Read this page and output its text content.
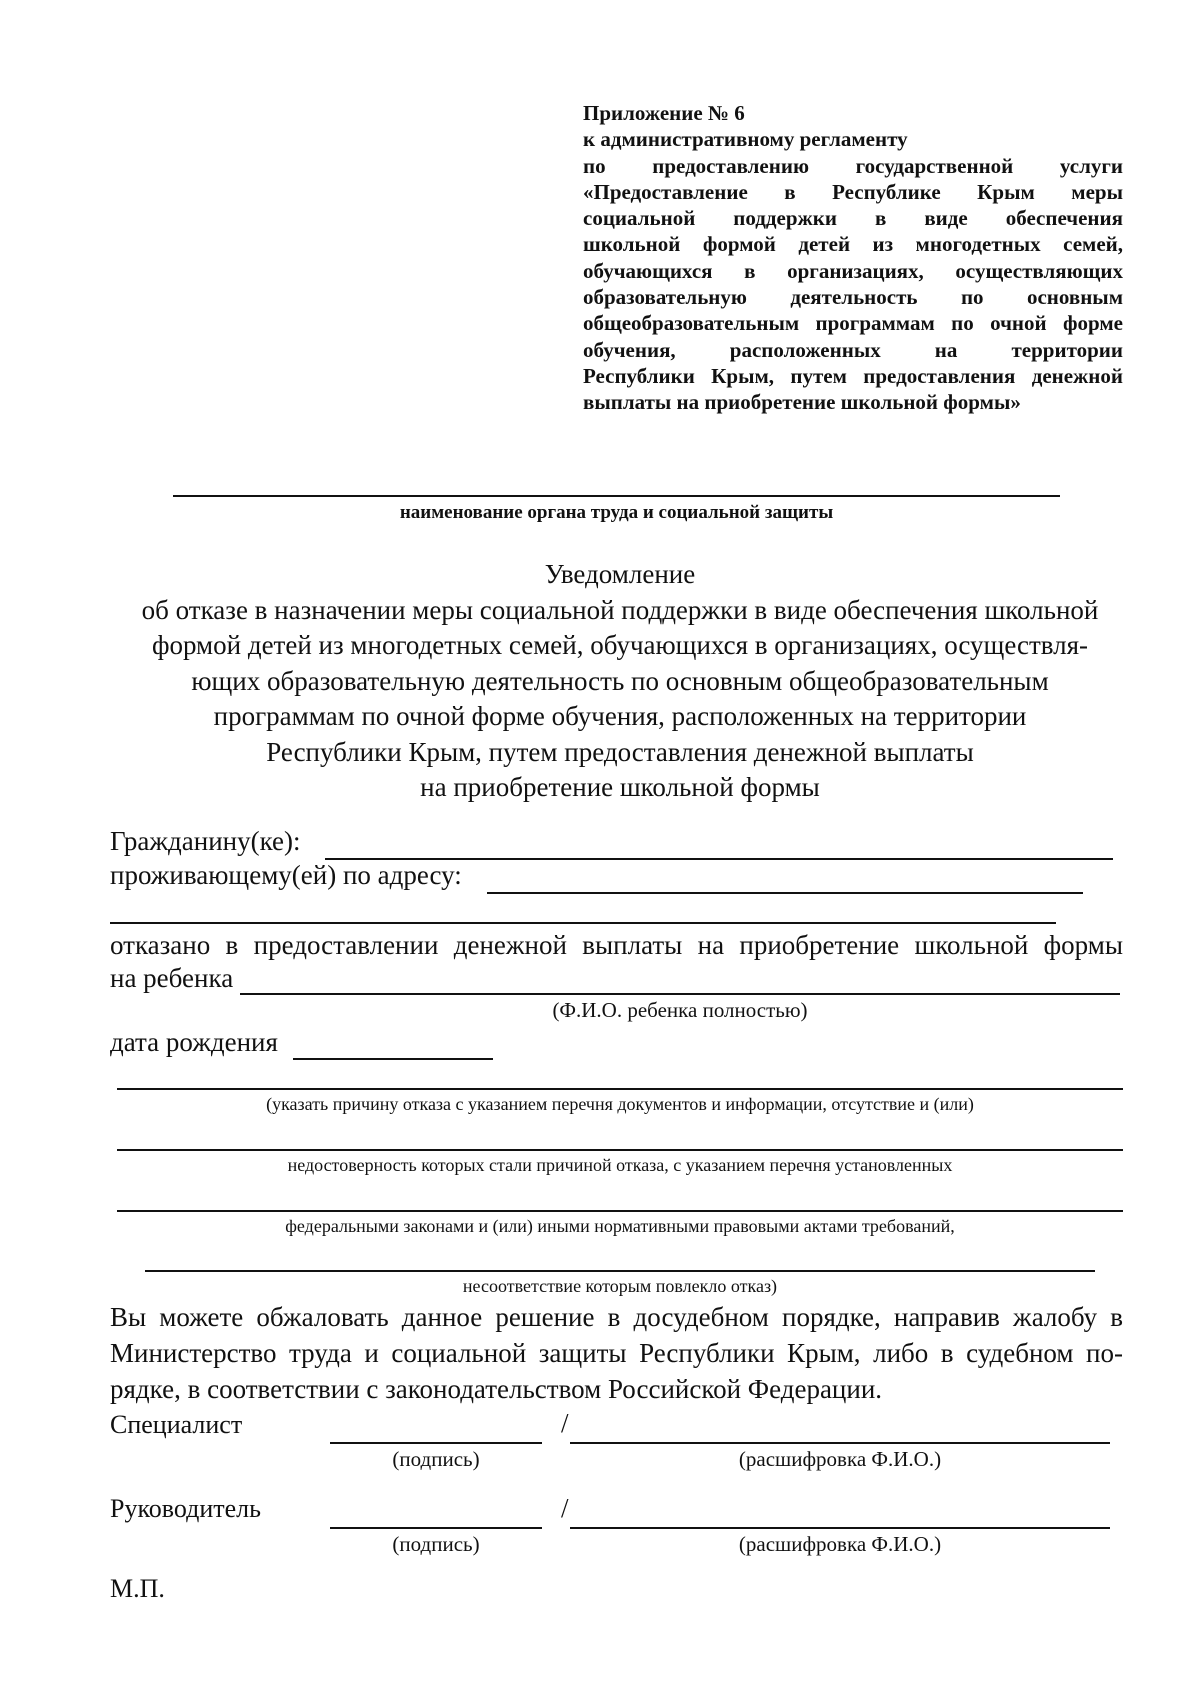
Приложение № 6
к административному регламенту
по предоставлению государственной услуги
«Предоставление в Республике Крым меры
социальной поддержки в виде обеспечения
школьной формой детей из многодетных семей,
обучающихся в организациях, осуществляющих
образовательную деятельность по основным
общеобразовательным программам по очной форме
обучения, расположенных на территории
Республики Крым, путем предоставления денежной
выплаты на приобретение школьной формы»
наименование органа труда и социальной защиты
Уведомление
об отказе в назначении меры социальной поддержки в виде обеспечения школьной
формой детей из многодетных семей, обучающихся в организациях, осуществля-
ющих образовательную деятельность по основным общеобразовательным
программам по очной форме обучения, расположенных на территории
Республики Крым, путем предоставления денежной выплаты
на приобретение школьной формы
Гражданину(ке):
проживающему(ей) по адресу:
отказано в предоставлении денежной выплаты на приобретение школьной формы
на ребенка
(Ф.И.О. ребенка полностью)
дата рождения
(указать причину отказа с указанием перечня документов и информации, отсутствие и (или)
недостоверность которых стали причиной отказа, с указанием перечня установленных
федеральными законами и (или) иными нормативными правовыми актами требований,
несоответствие которым повлекло отказ)
Вы можете обжаловать данное решение в досудебном порядке, направив жалобу в
Министерство труда и социальной защиты Республики Крым, либо в судебном по-
рядке, в соответствии с законодательством Российской Федерации.
Специалист	/
(подпись)	(расшифровка Ф.И.О.)
Руководитель	/
(подпись)	(расшифровка Ф.И.О.)
М.П.
